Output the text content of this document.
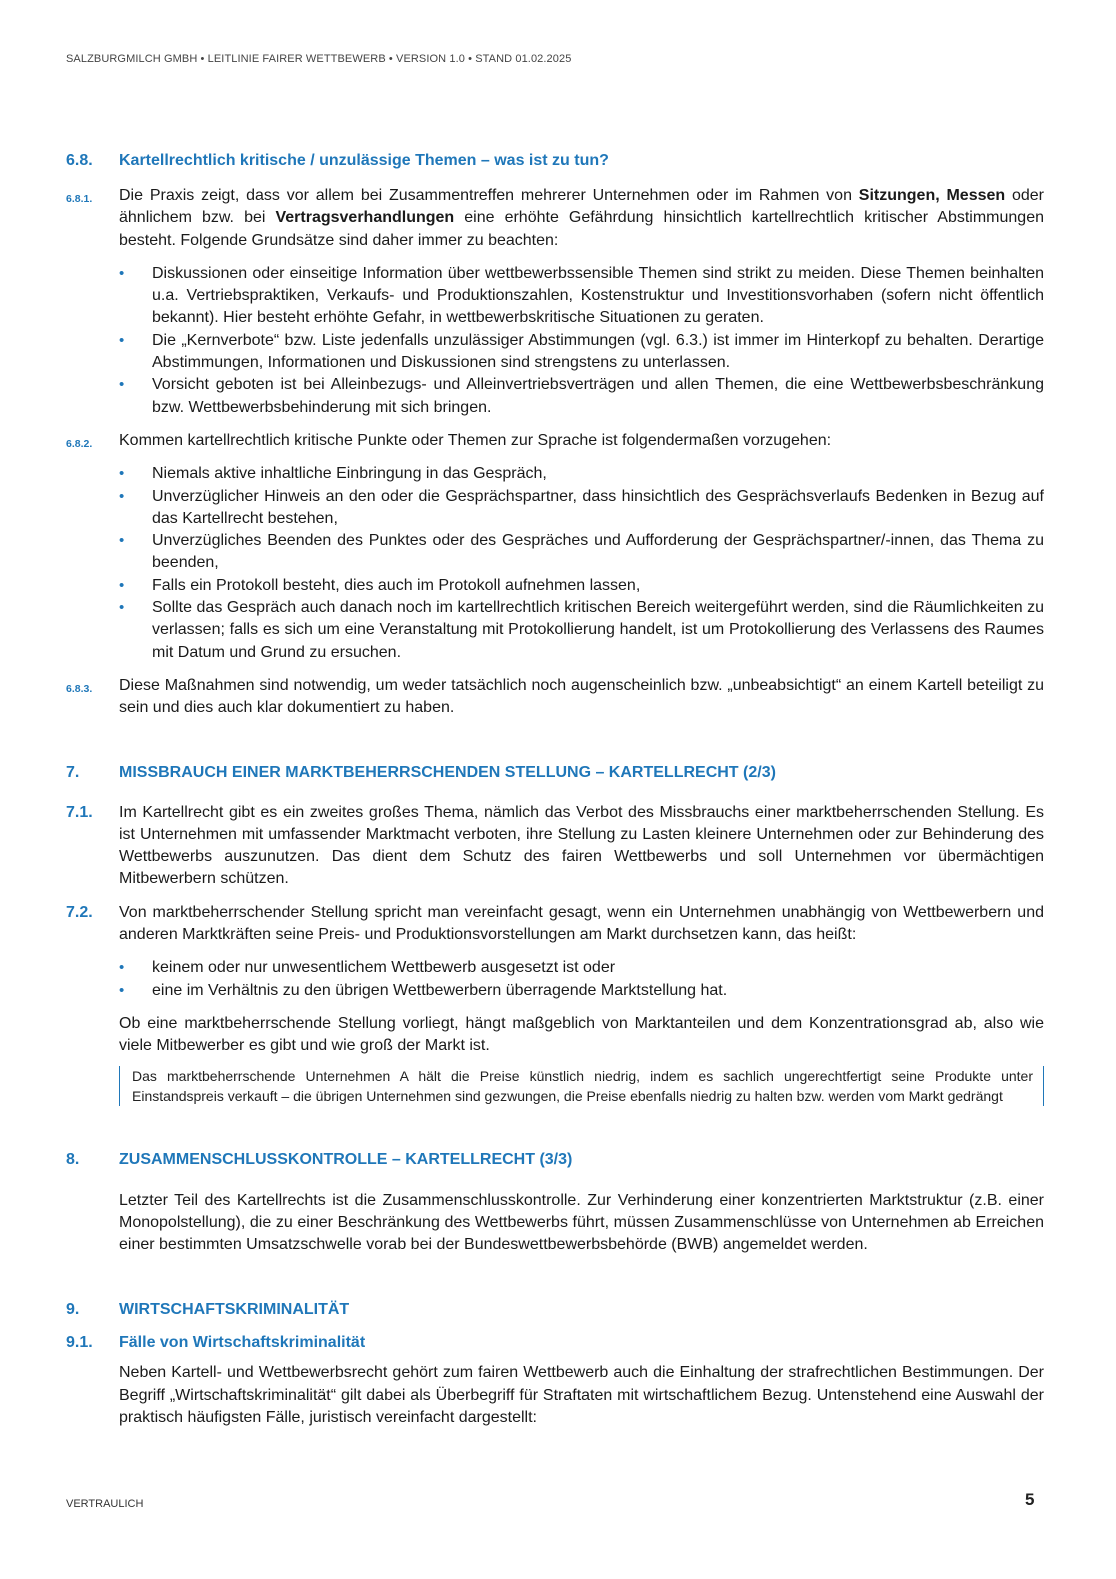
SALZBURGMILCH GMBH • LEITLINIE FAIRER WETTBEWERB • VERSION 1.0 • STAND 01.02.2025
6.8. Kartellrechtlich kritische / unzulässige Themen – was ist zu tun?
6.8.1. Die Praxis zeigt, dass vor allem bei Zusammentreffen mehrerer Unternehmen oder im Rahmen von Sitzungen, Messen oder ähnlichem bzw. bei Vertragsverhandlungen eine erhöhte Gefährdung hinsichtlich kartellrechtlich kritischer Abstimmungen besteht. Folgende Grundsätze sind daher immer zu beachten:
• Diskussionen oder einseitige Information über wettbewerbssensible Themen sind strikt zu meiden. Diese Themen beinhalten u.a. Vertriebspraktiken, Verkaufs- und Produktionszahlen, Kostenstruktur und Investitionsvorhaben (sofern nicht öffentlich bekannt). Hier besteht erhöhte Gefahr, in wettbewerbskritische Situationen zu geraten.
• Die „Kernverbote“ bzw. Liste jedenfalls unzulässiger Abstimmungen (vgl. 6.3.) ist immer im Hinterkopf zu behalten. Derartige Abstimmungen, Informationen und Diskussionen sind strengstens zu unterlassen.
• Vorsicht geboten ist bei Alleinbezugs- und Alleinvertriebsverträgen und allen Themen, die eine Wettbewerbsbeschränkung bzw. Wettbewerbsbehinderung mit sich bringen.
6.8.2. Kommen kartellrechtlich kritische Punkte oder Themen zur Sprache ist folgendermaßen vorzugehen:
• Niemals aktive inhaltliche Einbringung in das Gespräch,
• Unverzüglicher Hinweis an den oder die Gesprächspartner, dass hinsichtlich des Gesprächsverlaufs Bedenken in Bezug auf das Kartellrecht bestehen,
• Unverzügliches Beenden des Punktes oder des Gespräches und Aufforderung der Gesprächspartner/-innen, das Thema zu beenden,
• Falls ein Protokoll besteht, dies auch im Protokoll aufnehmen lassen,
• Sollte das Gespräch auch danach noch im kartellrechtlich kritischen Bereich weitergeführt werden, sind die Räumlichkeiten zu verlassen; falls es sich um eine Veranstaltung mit Protokollierung handelt, ist um Protokollierung des Verlassens des Raumes mit Datum und Grund zu ersuchen.
6.8.3. Diese Maßnahmen sind notwendig, um weder tatsächlich noch augenscheinlich bzw. „unbeabsichtigt“ an einem Kartell beteiligt zu sein und dies auch klar dokumentiert zu haben.
7. MISSBRAUCH EINER MARKTBEHERRSCHENDEN STELLUNG – KARTELLRECHT (2/3)
7.1. Im Kartellrecht gibt es ein zweites großes Thema, nämlich das Verbot des Missbrauchs einer marktbeherrschenden Stellung. Es ist Unternehmen mit umfassender Marktmacht verboten, ihre Stellung zu Lasten kleinere Unternehmen oder zur Behinderung des Wettbewerbs auszunutzen. Das dient dem Schutz des fairen Wettbewerbs und soll Unternehmen vor übermächtigen Mitbewerbern schützen.
7.2. Von marktbeherrschender Stellung spricht man vereinfacht gesagt, wenn ein Unternehmen unabhängig von Wettbewerbern und anderen Marktkräften seine Preis- und Produktionsvorstellungen am Markt durchsetzen kann, das heißt:
• keinem oder nur unwesentlichem Wettbewerb ausgesetzt ist oder
• eine im Verhältnis zu den übrigen Wettbewerbern überragende Marktstellung hat.
Ob eine marktbeherrschende Stellung vorliegt, hängt maßgeblich von Marktanteilen und dem Konzentrationsgrad ab, also wie viele Mitbewerber es gibt und wie groß der Markt ist.
Das marktbeherrschende Unternehmen A hält die Preise künstlich niedrig, indem es sachlich ungerechtfertigt seine Produkte unter Einstandspreis verkauft – die übrigen Unternehmen sind gezwungen, die Preise ebenfalls niedrig zu halten bzw. werden vom Markt gedrängt
8. ZUSAMMENSCHLUSSKONTROLLE – KARTELLRECHT (3/3)
Letzter Teil des Kartellrechts ist die Zusammenschlusskontrolle. Zur Verhinderung einer konzentrierten Marktstruktur (z.B. einer Monopolstellung), die zu einer Beschränkung des Wettbewerbs führt, müssen Zusammenschlüsse von Unternehmen ab Erreichen einer bestimmten Umsatzschwelle vorab bei der Bundeswettbewerbsbehörde (BWB) angemeldet werden.
9. WIRTSCHAFTSKRIMINALITÄT
9.1. Fälle von Wirtschaftskriminalität
Neben Kartell- und Wettbewerbsrecht gehört zum fairen Wettbewerb auch die Einhaltung der strafrechtlichen Bestimmungen. Der Begriff „Wirtschaftskriminalität“ gilt dabei als Überbegriff für Straftaten mit wirtschaftlichem Bezug. Untenstehend eine Auswahl der praktisch häufigsten Fälle, juristisch vereinfacht dargestellt:
VERTRAULICH	5
